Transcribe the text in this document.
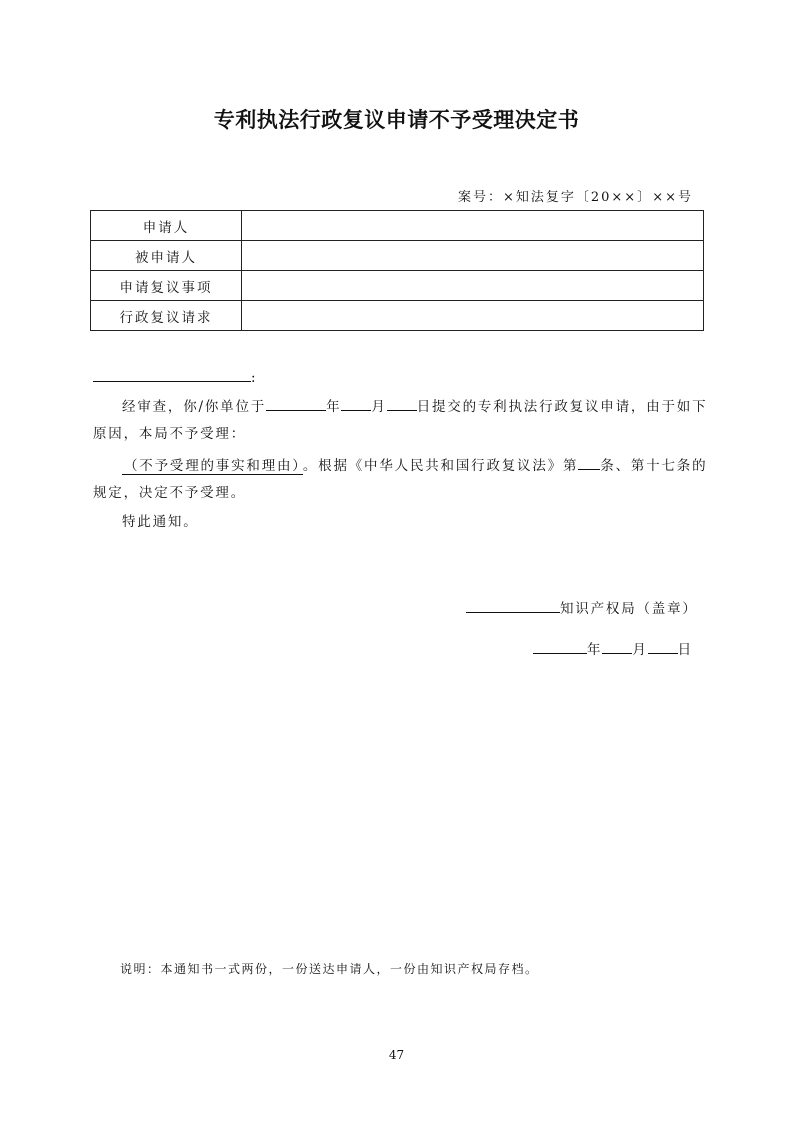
专利执法行政复议申请不予受理决定书
案号：×知法复字〔20××〕××号
申请人	
被申请人	
申请复议事项	
行政复议请求	
:
经审查，你/你单位于	年 月 日提交的专利执法行政复议申请，由于如下
原因，本局不予受理：
（不予受理的事实和理由） 。根据《中华人民共和国行政复议法》第 条、第十七条的
规定，决定不予受理。
特此通知。
知识产权局（盖章）
年 月 日
说明：本通知书一式两份，一份送达申请人，一份由知识产权局存档。
47
